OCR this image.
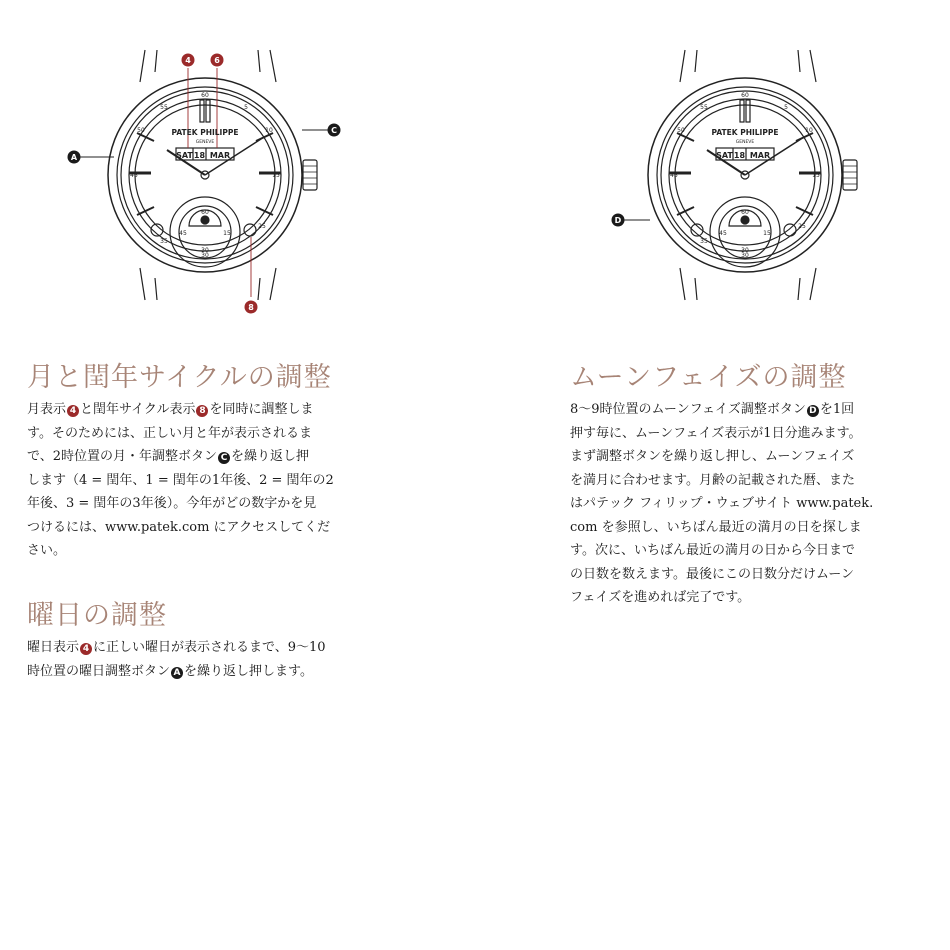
PATEK PHILIPPE
GENEVE
SAT 18 MAR
60
5
10
15
25
30
35
45
50
55
60
30
45	15
4	6
8
A
C	PATEK PHILIPPE
GENEVE
SAT 18 MAR
60
5
10
15
25
30
35
45
50
55
60
30
45	15
D
月と閏年サイクルの調整

月表示 4 と閏年サイクル表示 8 を同時に調整しま
す。そのためには、正しい月と年が表示されるま
で、2時位置の月・年調整ボタン C を繰り返し押
します（4 = 閏年、1 = 閏年の1年後、2 = 閏年の2
年後、3 = 閏年の3年後）。今年がどの数字かを見
つけるには、www.patek.com にアクセスしてくだ
さい。

曜日の調整

曜日表示 4 に正しい曜日が表示されるまで、9～10
時位置の曜日調整ボタン A を繰り返し押します。

ムーンフェイズの調整

8～9時位置のムーンフェイズ調整ボタン D を1回
押す毎に、ムーンフェイズ表示が1日分進みます。
まず調整ボタンを繰り返し押し、ムーンフェイズ
を満月に合わせます。月齢の記載された暦、また
はパテック フィリップ・ウェブサイト www.patek.
com を参照し、いちばん最近の満月の日を探しま
す。次に、いちばん最近の満月の日から今日まで
の日数を数えます。最後にこの日数分だけムーン
フェイズを進めれば完了です。
